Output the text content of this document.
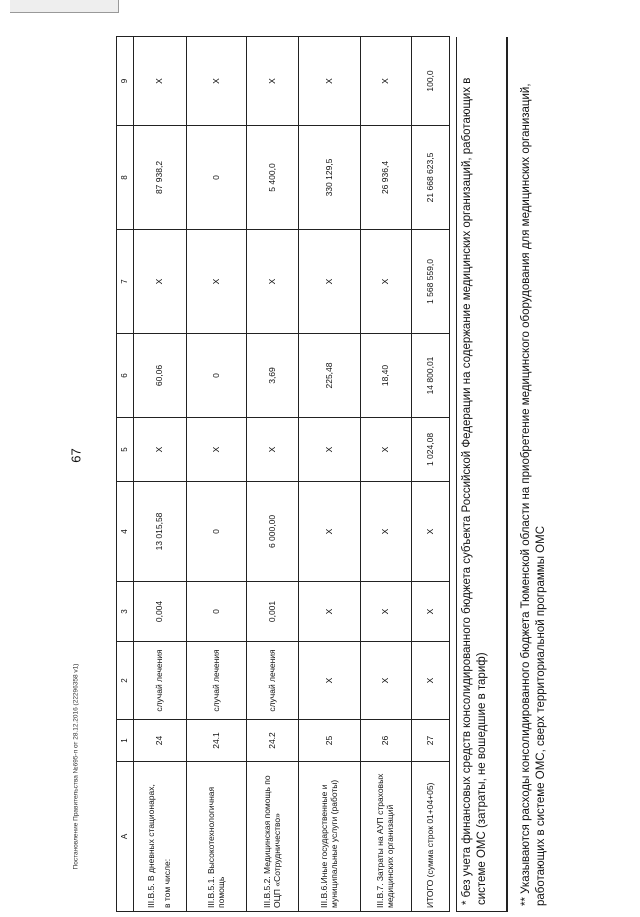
67
Постановление Правительства №695-п от 28.12.2016 (22296358 v1)	А	1	2	3	4	5	6	7	8	9
III.В.5. В дневных стационарах, в том числе:	24	случай лечения	0,004	13 015,58	Х	60,06	Х	87 938,2	Х
III.В.5.1. Высокотехнологичная помощь	24.1	случай лечения	0	0	Х	0	Х	0	Х
III.В.5.2. Медицинская помощь по ОЦП «Сотрудничество»	24.2	случай лечения	0,001	6 000,00	Х	3,69	Х	5 400,0	Х
III.В.6.Иные государственные и муниципальные услуги (работы)	25	Х	Х	Х	Х	225,48	Х	330 129,5	Х
III.В.7. Затраты на АУП страховых медицинских организаций	26	Х	Х	Х	Х	18,40	Х	26 936,4	Х
ИТОГО (сумма строк 01+04+05)	27	Х	Х	Х	1 024,08	14 800,01	1 568 559,0	21 668 623,5	100,0	* без учета финансовых средств консолидированного бюджета субъекта Российской Федерации на содержание медицинских организаций, работающих в системе ОМС (затраты, не вошедшие в тариф)	** Указываются расходы консолидированного бюджета Тюменской области на приобретение медицинского оборудования для медицинских организаций, работающих в системе ОМС, сверх территориальной программы ОМС
